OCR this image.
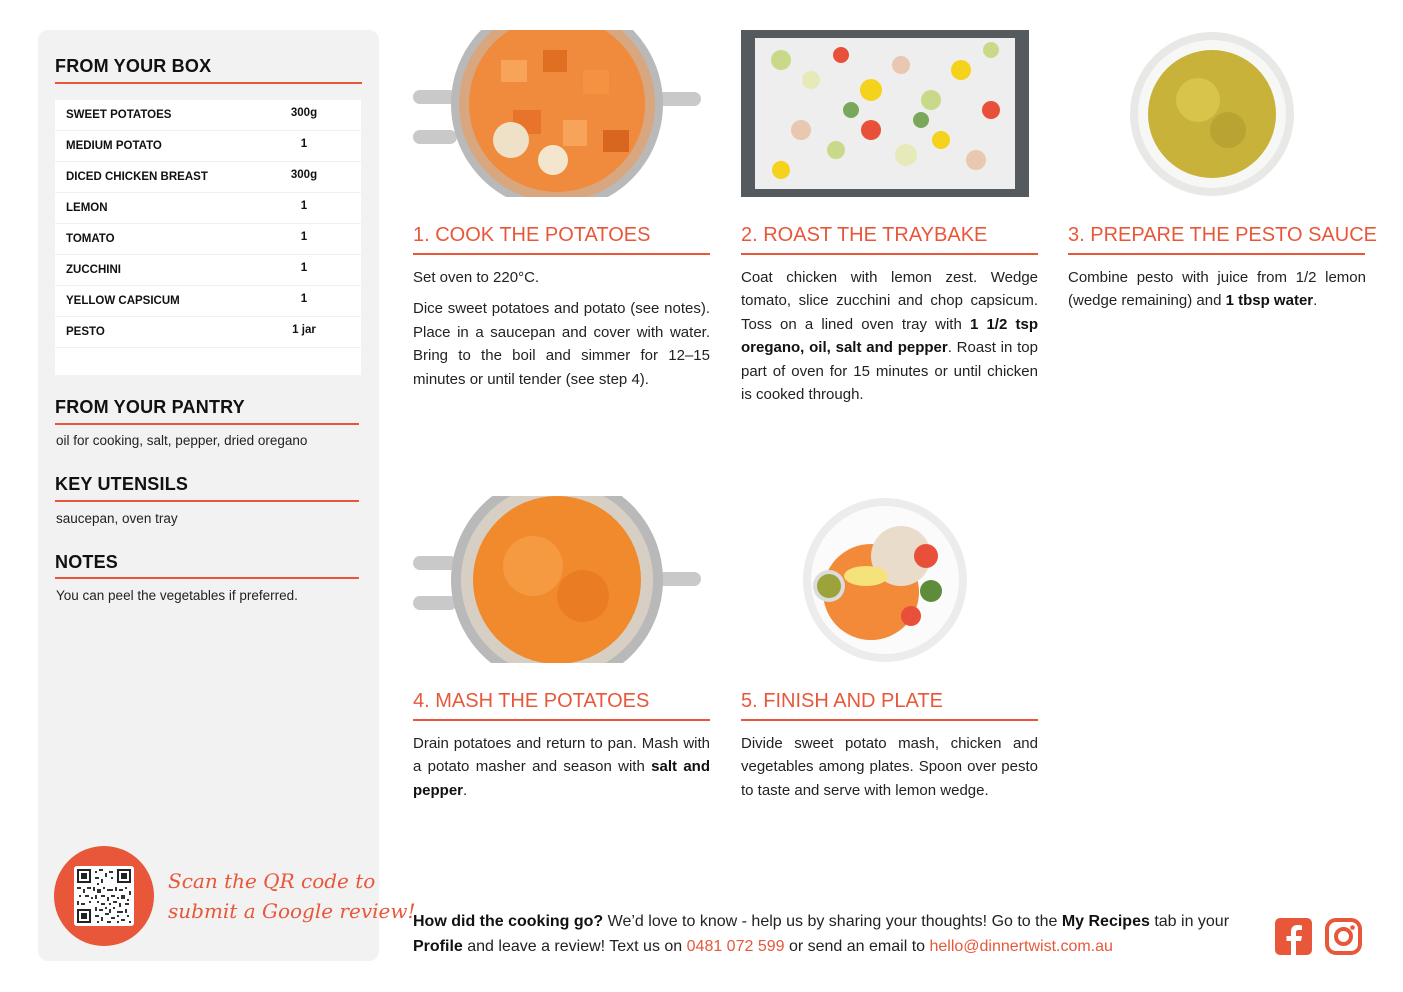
FROM YOUR BOX
SWEET POTATOES	300g
MEDIUM POTATO	1
DICED CHICKEN BREAST	300g
LEMON	1
TOMATO	1
ZUCCHINI	1
YELLOW CAPSICUM	1
PESTO	1 jar
FROM YOUR PANTRY
oil for cooking, salt, pepper, dried oregano
KEY UTENSILS
saucepan, oven tray
NOTES
You can peel the vegetables if preferred.
Scan the QR code to
submit a Google review!
1. COOK THE POTATOES

Set oven to 220°C.

Dice sweet potatoes and potato (see notes). Place in a saucepan and cover with water. Bring to the boil and simmer for 12–15 minutes or until tender (see step 4).

2. ROAST THE TRAYBAKE

Coat chicken with lemon zest. Wedge tomato, slice zucchini and chop capsicum. Toss on a lined oven tray with 1 1/2 tsp oregano, oil, salt and pepper. Roast in top part of oven for 15 minutes or until chicken is cooked through.

3. PREPARE THE PESTO SAUCE

Combine pesto with juice from 1/2 lemon (wedge remaining) and 1 tbsp water.

4. MASH THE POTATOES

Drain potatoes and return to pan. Mash with a potato masher and season with salt and pepper.

5. FINISH AND PLATE

Divide sweet potato mash, chicken and vegetables among plates. Spoon over pesto to taste and serve with lemon wedge.

How did the cooking go? We’d love to know - help us by sharing your thoughts! Go to the My Recipes tab in your Profile and leave a review! Text us on 0481 072 599 or send an email to hello@dinnertwist.com.au
